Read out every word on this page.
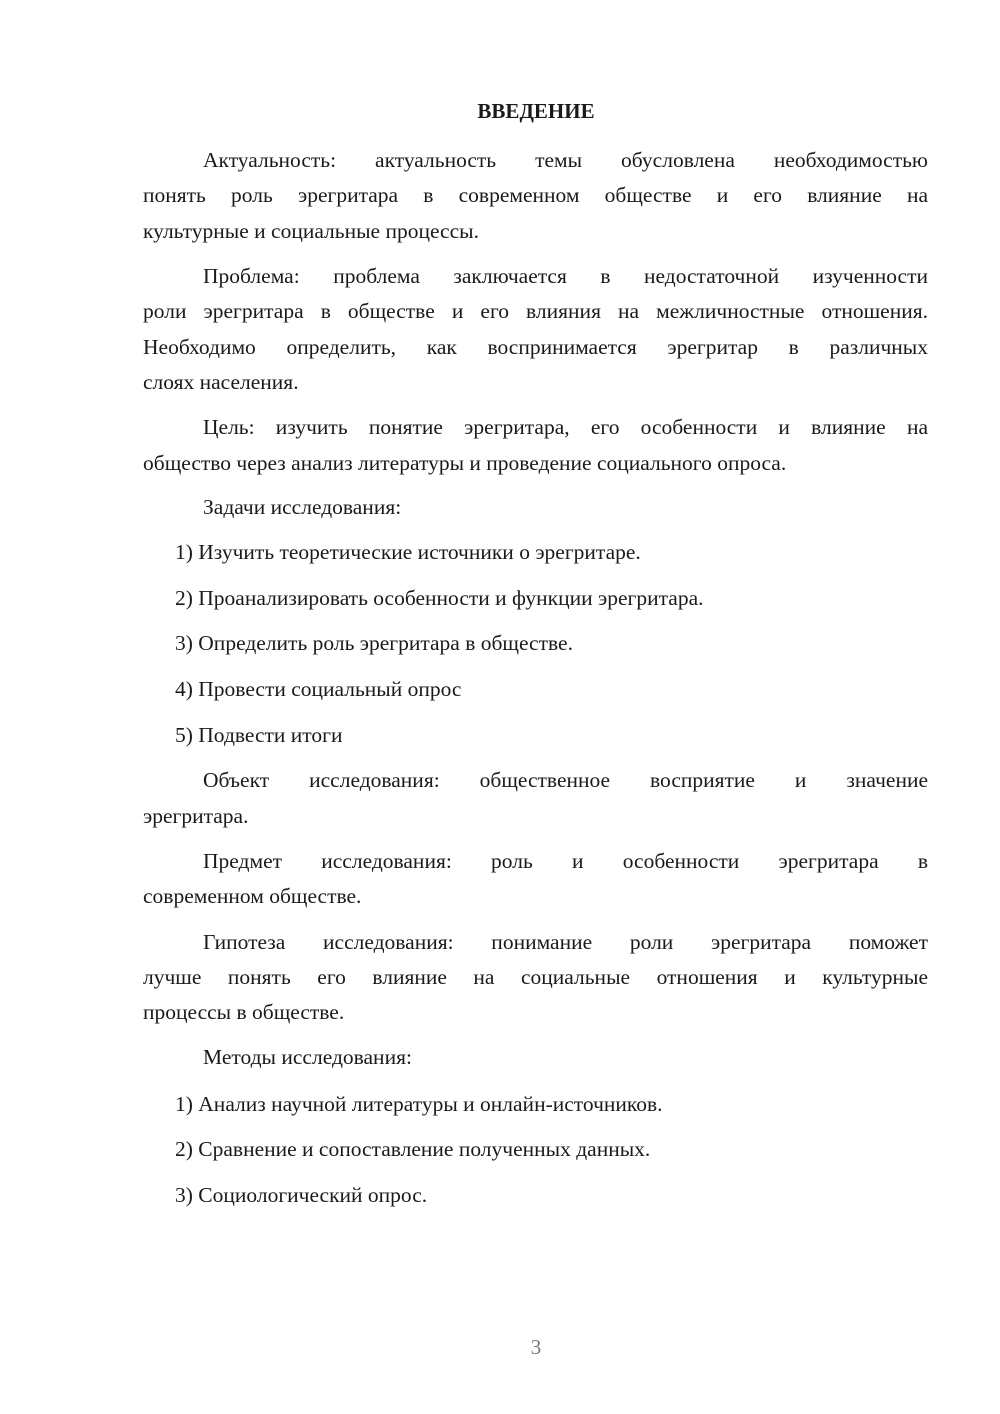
ВВЕДЕНИЕ
Актуальность: актуальность темы обусловлена необходимостью
понять роль эрегритара в современном обществе и его влияние на
культурные и социальные процессы.
Проблема: проблема заключается в недостаточной изученности
роли эрегритара в обществе и его влияния на межличностные отношения.
Необходимо определить, как воспринимается эрегритар в различных
слоях населения.
Цель: изучить понятие эрегритара, его особенности и влияние на
общество через анализ литературы и проведение социального опроса.
Задачи исследования:
1) Изучить теоретические источники о эрегритаре.
2) Проанализировать особенности и функции эрегритара.
3) Определить роль эрегритара в обществе.
4) Провести социальный опрос
5) Подвести итоги
Объект исследования: общественное восприятие и значение
эрегритара.
Предмет исследования: роль и особенности эрегритара в
современном обществе.
Гипотеза исследования: понимание роли эрегритара поможет
лучше понять его влияние на социальные отношения и культурные
процессы в обществе.
Методы исследования:
1) Анализ научной литературы и онлайн-источников.
2) Сравнение и сопоставление полученных данных.
3) Социологический опрос.
3
